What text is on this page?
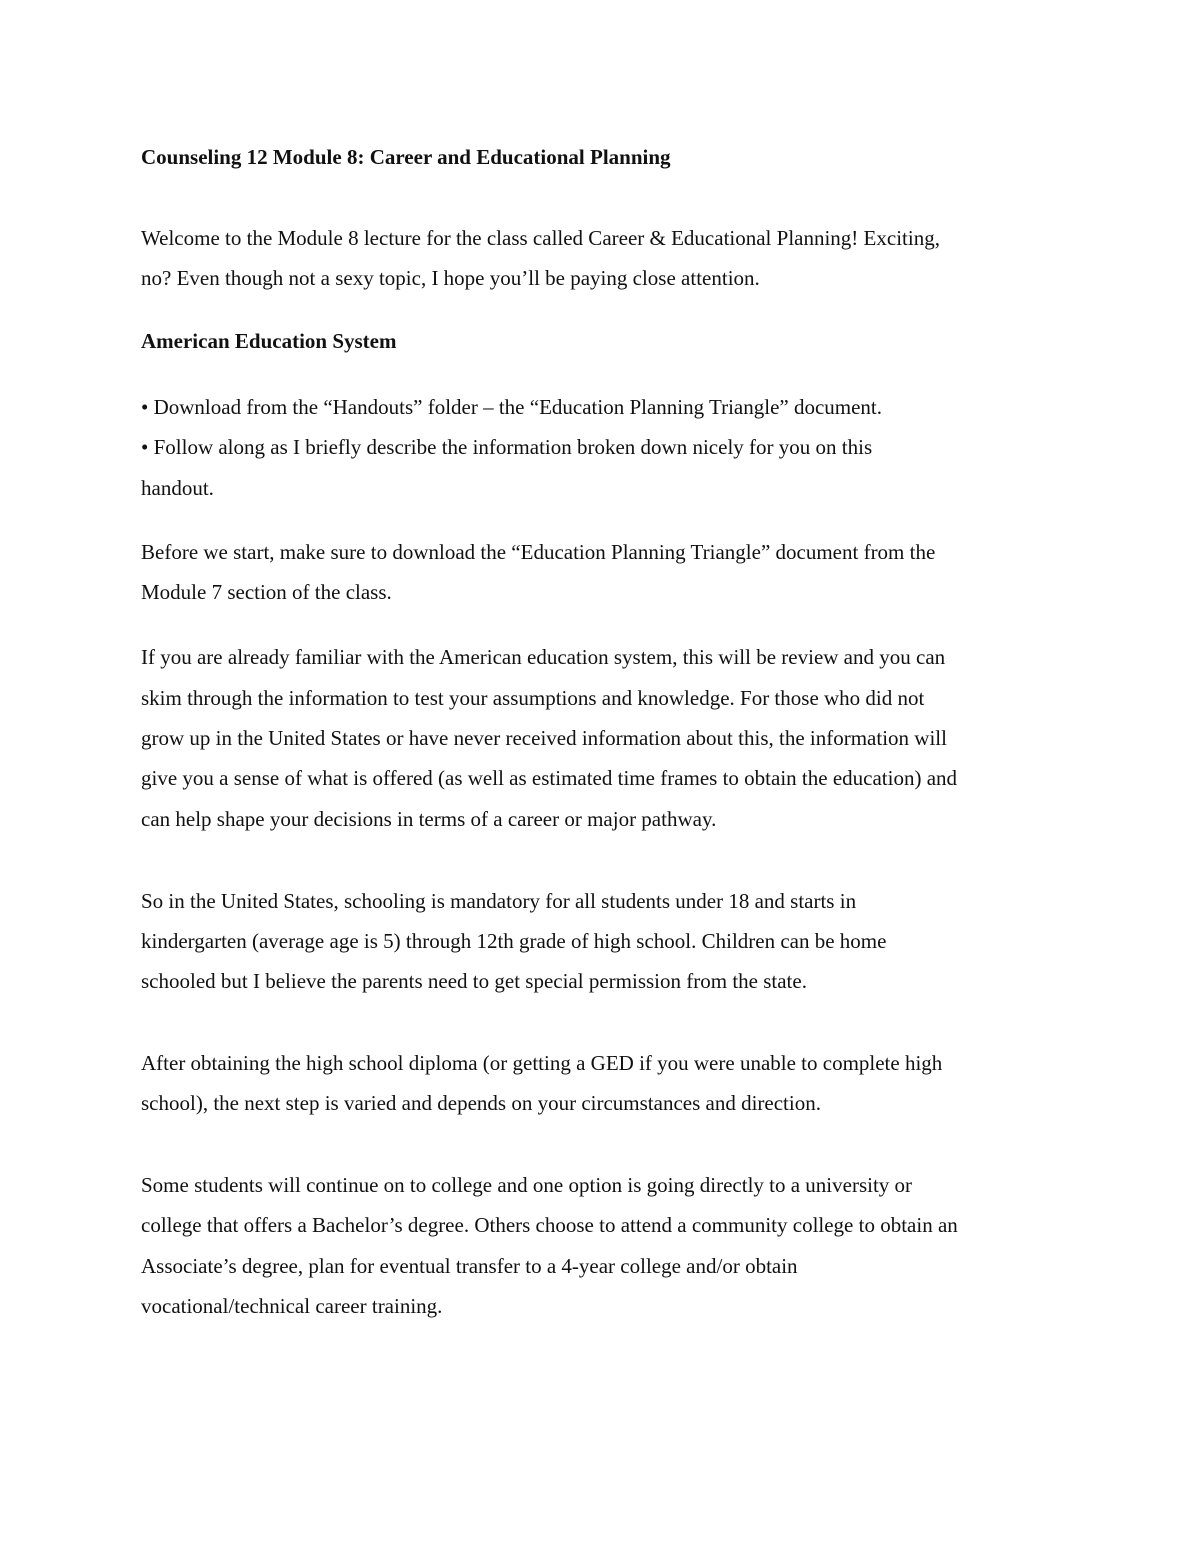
Counseling 12 Module 8: Career and Educational Planning

Welcome to the Module 8 lecture for the class called Career & Educational Planning! Exciting,

no? Even though not a sexy topic, I hope you’ll be paying close attention.

American Education System

• Download from the “Handouts” folder – the “Education Planning Triangle” document.

• Follow along as I briefly describe the information broken down nicely for you on this

handout.

Before we start, make sure to download the “Education Planning Triangle” document from the

Module 7 section of the class.

If you are already familiar with the American education system, this will be review and you can

skim through the information to test your assumptions and knowledge. For those who did not

grow up in the United States or have never received information about this, the information will

give you a sense of what is offered (as well as estimated time frames to obtain the education) and

can help shape your decisions in terms of a career or major pathway.

So in the United States, schooling is mandatory for all students under 18 and starts in

kindergarten (average age is 5) through 12th grade of high school. Children can be home

schooled but I believe the parents need to get special permission from the state.

After obtaining the high school diploma (or getting a GED if you were unable to complete high

school), the next step is varied and depends on your circumstances and direction.

Some students will continue on to college and one option is going directly to a university or

college that offers a Bachelor’s degree. Others choose to attend a community college to obtain an

Associate’s degree, plan for eventual transfer to a 4-year college and/or obtain

vocational/technical career training.
